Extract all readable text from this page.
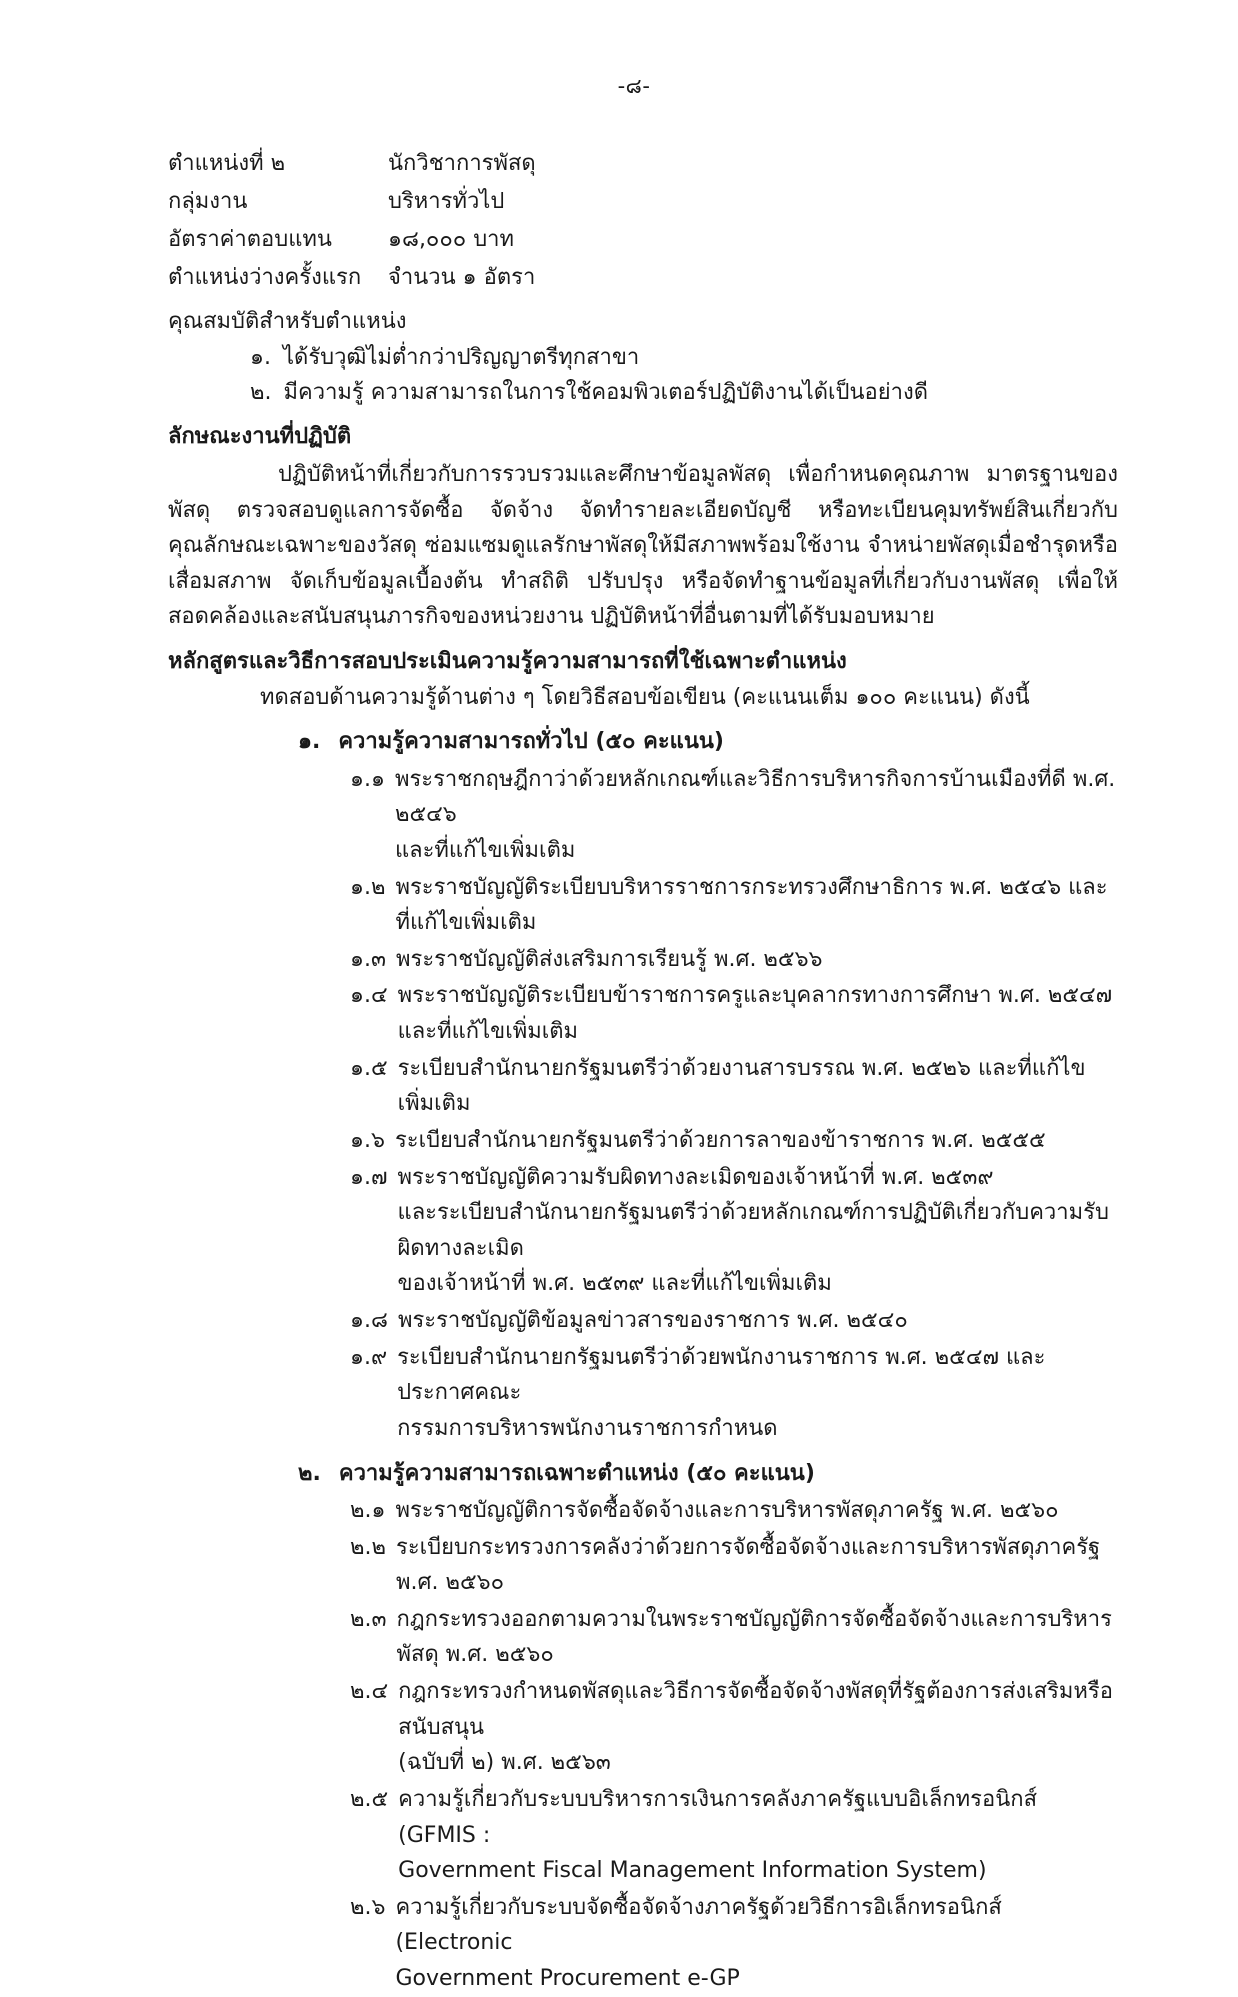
-๘-
ตำแหน่งที่ ๒	นักวิชาการพัสดุ
กลุ่มงาน	บริหารทั่วไป
อัตราค่าตอบแทน	๑๘,๐๐๐ บาท
ตำแหน่งว่างครั้งแรก	จำนวน ๑ อัตรา
คุณสมบัติสำหรับตำแหน่ง
๑. ได้รับวุฒิไม่ต่ำกว่าปริญญาตรีทุกสาขา
๒. มีความรู้ ความสามารถในการใช้คอมพิวเตอร์ปฏิบัติงานได้เป็นอย่างดี
ลักษณะงานที่ปฏิบัติ
ปฏิบัติหน้าที่เกี่ยวกับการรวบรวมและศึกษาข้อมูลพัสดุ เพื่อกำหนดคุณภาพ มาตรฐานของพัสดุ ตรวจสอบดูแลการจัดซื้อ จัดจ้าง จัดทำรายละเอียดบัญชี หรือทะเบียนคุมทรัพย์สินเกี่ยวกับคุณลักษณะเฉพาะของวัสดุ ซ่อมแซมดูแลรักษาพัสดุให้มีสภาพพร้อมใช้งาน จำหน่ายพัสดุเมื่อชำรุดหรือเสื่อมสภาพ จัดเก็บข้อมูลเบื้องต้น ทำสถิติ ปรับปรุง หรือจัดทำฐานข้อมูลที่เกี่ยวกับงานพัสดุ เพื่อให้สอดคล้องและสนับสนุนภารกิจของหน่วยงาน ปฏิบัติหน้าที่อื่นตามที่ได้รับมอบหมาย
หลักสูตรและวิธีการสอบประเมินความรู้ความสามารถที่ใช้เฉพาะตำแหน่ง
ทดสอบด้านความรู้ด้านต่าง ๆ โดยวิธีสอบข้อเขียน (คะแนนเต็ม ๑๐๐ คะแนน) ดังนี้
๑. ความรู้ความสามารถทั่วไป (๕๐ คะแนน)
๑.๑ พระราชกฤษฎีกาว่าด้วยหลักเกณฑ์และวิธีการบริหารกิจการบ้านเมืองที่ดี พ.ศ. ๒๕๔๖
และที่แก้ไขเพิ่มเติม
๑.๒ พระราชบัญญัติระเบียบบริหารราชการกระทรวงศึกษาธิการ พ.ศ. ๒๕๔๖ และที่แก้ไขเพิ่มเติม
๑.๓ พระราชบัญญัติส่งเสริมการเรียนรู้ พ.ศ. ๒๕๖๖
๑.๔ พระราชบัญญัติระเบียบข้าราชการครูและบุคลากรทางการศึกษา พ.ศ. ๒๕๔๗ และที่แก้ไขเพิ่มเติม
๑.๕ ระเบียบสำนักนายกรัฐมนตรีว่าด้วยงานสารบรรณ พ.ศ. ๒๕๒๖ และที่แก้ไขเพิ่มเติม
๑.๖ ระเบียบสำนักนายกรัฐมนตรีว่าด้วยการลาของข้าราชการ พ.ศ. ๒๕๕๕
๑.๗ พระราชบัญญัติความรับผิดทางละเมิดของเจ้าหน้าที่ พ.ศ. ๒๕๓๙
และระเบียบสำนักนายกรัฐมนตรีว่าด้วยหลักเกณฑ์การปฏิบัติเกี่ยวกับความรับผิดทางละเมิด
ของเจ้าหน้าที่ พ.ศ. ๒๕๓๙ และที่แก้ไขเพิ่มเติม
๑.๘ พระราชบัญญัติข้อมูลข่าวสารของราชการ พ.ศ. ๒๕๔๐
๑.๙ ระเบียบสำนักนายกรัฐมนตรีว่าด้วยพนักงานราชการ พ.ศ. ๒๕๔๗ และประกาศคณะ
กรรมการบริหารพนักงานราชการกำหนด
๒. ความรู้ความสามารถเฉพาะตำแหน่ง (๕๐ คะแนน)
๒.๑ พระราชบัญญัติการจัดซื้อจัดจ้างและการบริหารพัสดุภาครัฐ พ.ศ. ๒๕๖๐
๒.๒ ระเบียบกระทรวงการคลังว่าด้วยการจัดซื้อจัดจ้างและการบริหารพัสดุภาครัฐ พ.ศ. ๒๕๖๐
๒.๓ กฎกระทรวงออกตามความในพระราชบัญญัติการจัดซื้อจัดจ้างและการบริหารพัสดุ พ.ศ. ๒๕๖๐
๒.๔ กฎกระทรวงกำหนดพัสดุและวิธีการจัดซื้อจัดจ้างพัสดุที่รัฐต้องการส่งเสริมหรือสนับสนุน
(ฉบับที่ ๒) พ.ศ. ๒๕๖๓
๒.๕ ความรู้เกี่ยวกับระบบบริหารการเงินการคลังภาครัฐแบบอิเล็กทรอนิกส์ (GFMIS :
Government Fiscal Management Information System)
๒.๖ ความรู้เกี่ยวกับระบบจัดซื้อจัดจ้างภาครัฐด้วยวิธีการอิเล็กทรอนิกส์ (Electronic
Government Procurement e-GP
